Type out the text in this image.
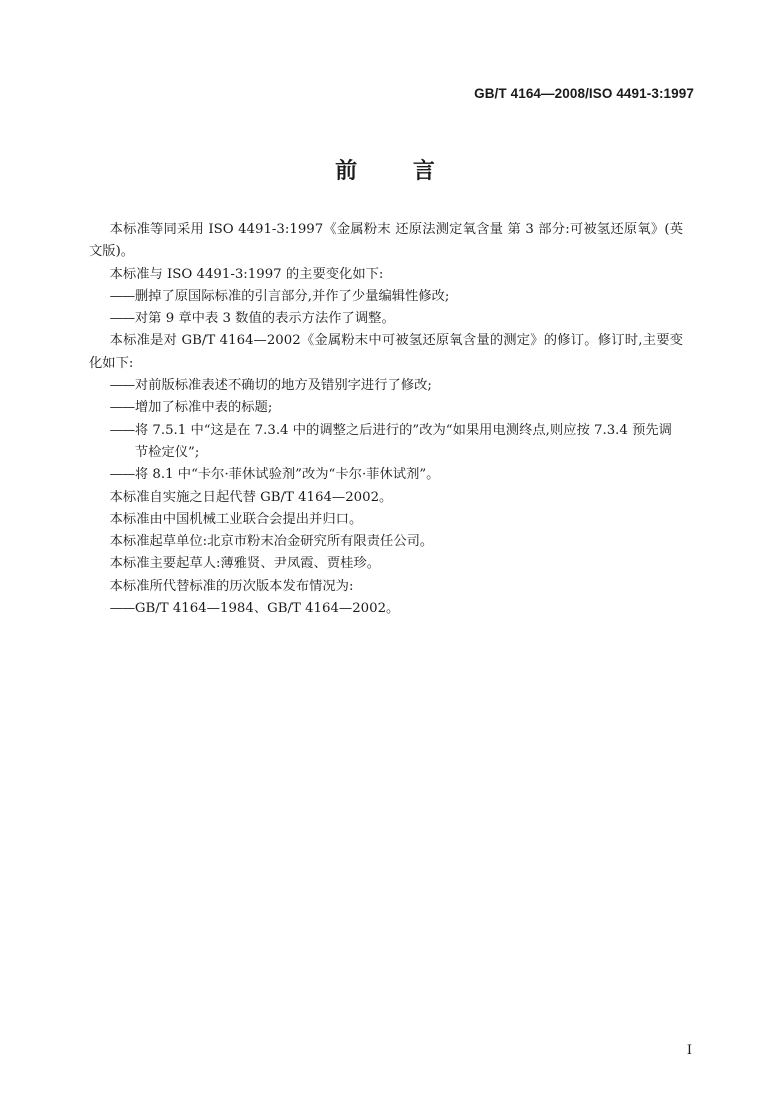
GB/T 4164—2008/ISO 4491-3:1997
前 言

本标准等同采用 ISO 4491-3:1997《金属粉末 还原法测定氧含量 第 3 部分:可被氢还原氧》(英文版)。

本标准与 ISO 4491-3:1997 的主要变化如下:

——删掉了原国际标准的引言部分,并作了少量编辑性修改;

——对第 9 章中表 3 数值的表示方法作了调整。

本标准是对 GB/T 4164—2002《金属粉末中可被氢还原氧含量的测定》的修订。修订时,主要变化如下:

——对前版标准表述不确切的地方及错别字进行了修改;

——增加了标准中表的标题;

——将 7.5.1 中“这是在 7.3.4 中的调整之后进行的”改为“如果用电测终点,则应按 7.3.4 预先调
节检定仪”;

——将 8.1 中“卡尔·菲休试验剂”改为“卡尔·菲休试剂”。

本标准自实施之日起代替 GB/T 4164—2002。

本标准由中国机械工业联合会提出并归口。

本标准起草单位:北京市粉末冶金研究所有限责任公司。

本标准主要起草人:薄雅贤、尹凤霞、贾桂珍。

本标准所代替标准的历次版本发布情况为:

——GB/T 4164—1984、GB/T 4164—2002。

I
